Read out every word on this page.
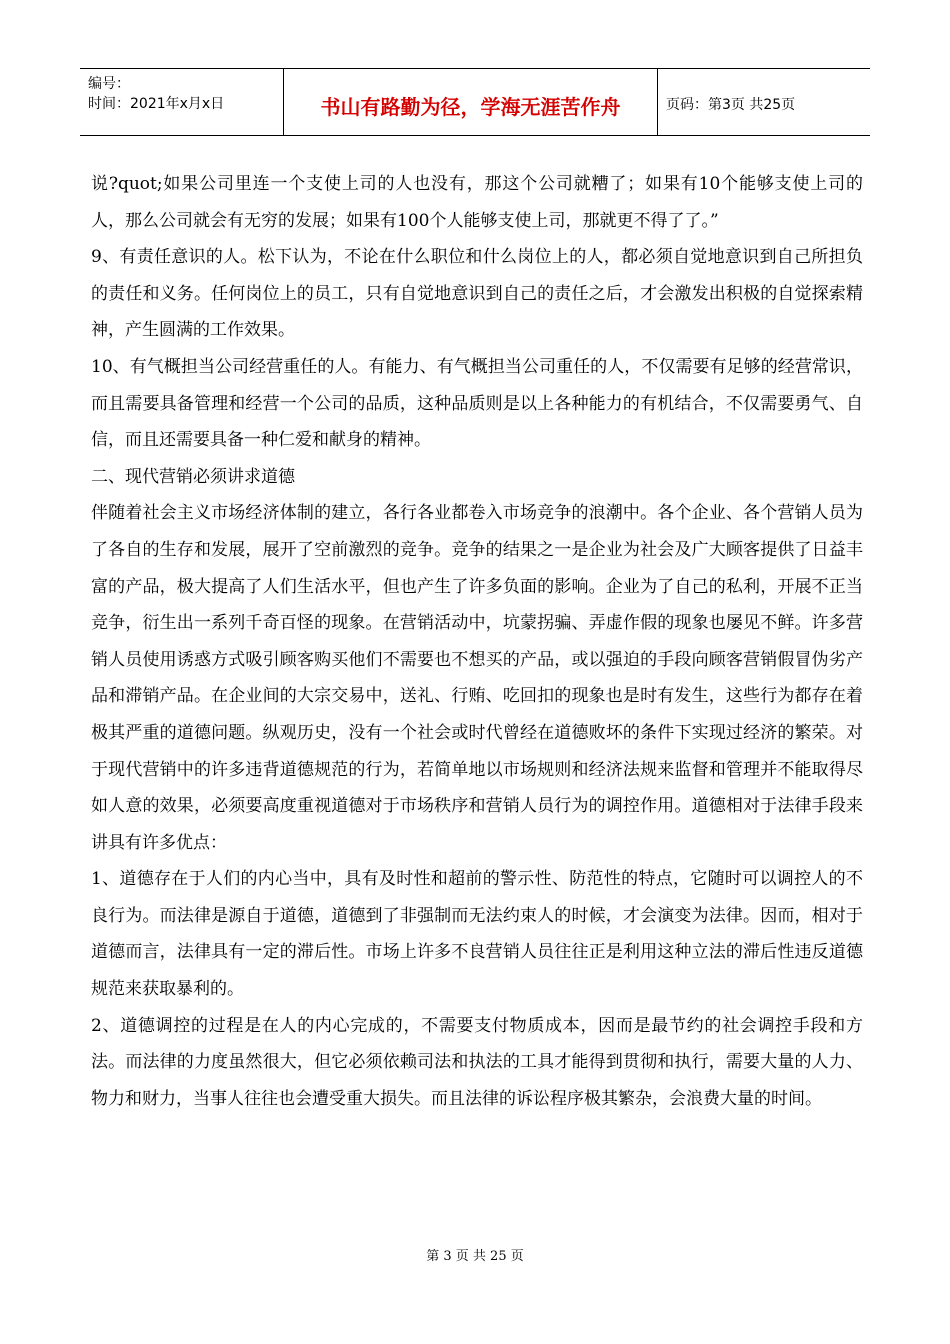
编号：
时间：2021年x月x日	书山有路勤为径，学海无涯苦作舟	页码：第3页 共25页

说?quot;如果公司里连一个支使上司的人也没有，那这个公司就糟了；如果有10个能够支使上司的人，那么公司就会有无穷的发展；如果有100个人能够支使上司，那就更不得了了。”

9、有责任意识的人。松下认为，不论在什么职位和什么岗位上的人，都必须自觉地意识到自己所担负的责任和义务。任何岗位上的员工，只有自觉地意识到自己的责任之后，才会激发出积极的自觉探索精神，产生圆满的工作效果。

10、有气概担当公司经营重任的人。有能力、有气概担当公司重任的人，不仅需要有足够的经营常识，而且需要具备管理和经营一个公司的品质，这种品质则是以上各种能力的有机结合，不仅需要勇气、自信，而且还需要具备一种仁爱和献身的精神。

二、现代营销必须讲求道德

伴随着社会主义市场经济体制的建立，各行各业都卷入市场竞争的浪潮中。各个企业、各个营销人员为了各自的生存和发展，展开了空前激烈的竞争。竞争的结果之一是企业为社会及广大顾客提供了日益丰富的产品，极大提高了人们生活水平，但也产生了许多负面的影响。企业为了自己的私利，开展不正当竞争，衍生出一系列千奇百怪的现象。在营销活动中，坑蒙拐骗、弄虚作假的现象也屡见不鲜。许多营销人员使用诱惑方式吸引顾客购买他们不需要也不想买的产品，或以强迫的手段向顾客营销假冒伪劣产品和滞销产品。在企业间的大宗交易中，送礼、行贿、吃回扣的现象也是时有发生，这些行为都存在着极其严重的道德问题。纵观历史，没有一个社会或时代曾经在道德败坏的条件下实现过经济的繁荣。对于现代营销中的许多违背道德规范的行为，若简单地以市场规则和经济法规来监督和管理并不能取得尽如人意的效果，必须要高度重视道德对于市场秩序和营销人员行为的调控作用。道德相对于法律手段来讲具有许多优点：

1、道德存在于人们的内心当中，具有及时性和超前的警示性、防范性的特点，它随时可以调控人的不良行为。而法律是源自于道德，道德到了非强制而无法约束人的时候，才会演变为法律。因而，相对于道德而言，法律具有一定的滞后性。市场上许多不良营销人员往往正是利用这种立法的滞后性违反道德规范来获取暴利的。

2、道德调控的过程是在人的内心完成的，不需要支付物质成本，因而是最节约的社会调控手段和方法。而法律的力度虽然很大，但它必须依赖司法和执法的工具才能得到贯彻和执行，需要大量的人力、物力和财力，当事人往往也会遭受重大损失。而且法律的诉讼程序极其繁杂，会浪费大量的时间。

第 3 页 共 25 页
